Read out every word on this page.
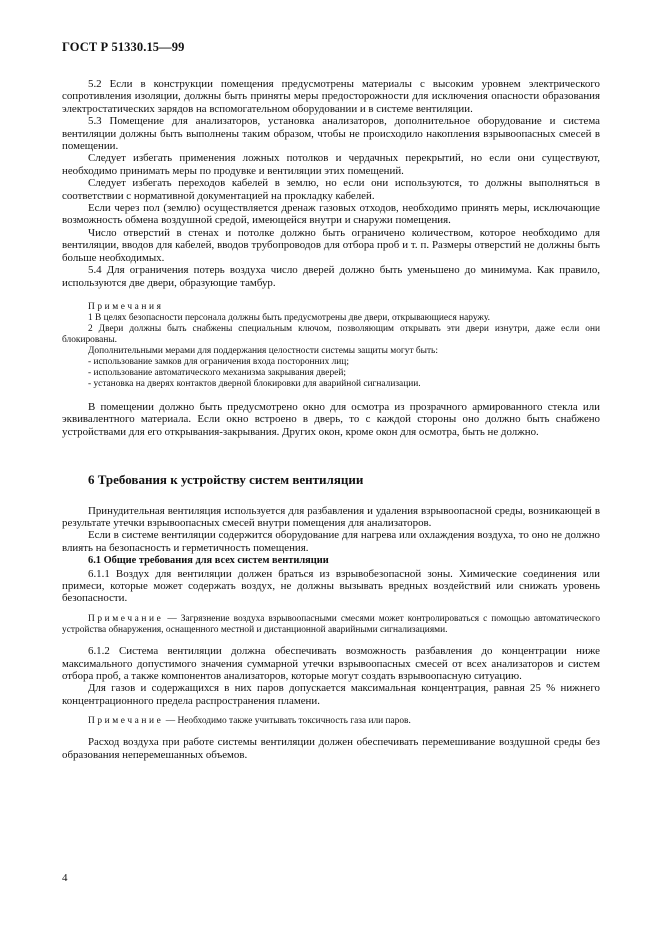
ГОСТ Р 51330.15—99

5.2 Если в конструкции помещения предусмотрены материалы с высоким уровнем электрического сопротивления изоляции, должны быть приняты меры предосторожности для исключения опасности образования электростатических зарядов на вспомогательном оборудовании и в системе вентиляции.

5.3 Помещение для анализаторов, установка анализаторов, дополнительное оборудование и система вентиляции должны быть выполнены таким образом, чтобы не происходило накопления взрывоопасных смесей в помещении.

Следует избегать применения ложных потолков и чердачных перекрытий, но если они существуют, необходимо принимать меры по продувке и вентиляции этих помещений.

Следует избегать переходов кабелей в землю, но если они используются, то должны выполняться в соответствии с нормативной документацией на прокладку кабелей.

Если через пол (землю) осуществляется дренаж газовых отходов, необходимо принять меры, исключающие возможность обмена воздушной средой, имеющейся внутри и снаружи помещения.

Число отверстий в стенах и потолке должно быть ограничено количеством, которое необходимо для вентиляции, вводов для кабелей, вводов трубопроводов для отбора проб и т. п. Размеры отверстий не должны быть больше необходимых.

5.4 Для ограничения потерь воздуха число дверей должно быть уменьшено до минимума. Как правило, используются две двери, образующие тамбур.

Примечания

1 В целях безопасности персонала должны быть предусмотрены две двери, открывающиеся наружу.

2 Двери должны быть снабжены специальным ключом, позволяющим открывать эти двери изнутри, даже если они блокированы.

Дополнительными мерами для поддержания целостности системы защиты могут быть:

- использование замков для ограничения входа посторонних лиц;
- использование автоматического механизма закрывания дверей;
- установка на дверях контактов дверной блокировки для аварийной сигнализации.

В помещении должно быть предусмотрено окно для осмотра из прозрачного армированного стекла или эквивалентного материала. Если окно встроено в дверь, то с каждой стороны оно должно быть снабжено устройствами для его открывания-закрывания. Других окон, кроме окон для осмотра, быть не должно.

6 Требования к устройству систем вентиляции

Принудительная вентиляция используется для разбавления и удаления взрывоопасной среды, возникающей в результате утечки взрывоопасных смесей внутри помещения для анализаторов.

Если в системе вентиляции содержится оборудование для нагрева или охлаждения воздуха, то оно не должно влиять на безопасность и герметичность помещения.

6.1 Общие требования для всех систем вентиляции

6.1.1 Воздух для вентиляции должен браться из взрывобезопасной зоны. Химические соединения или примеси, которые может содержать воздух, не должны вызывать вредных воздействий или снижать уровень безопасности.

Примечание — Загрязнение воздуха взрывоопасными смесями может контролироваться с помощью автоматического устройства обнаружения, оснащенного местной и дистанционной аварийными сигнализациями.

6.1.2 Система вентиляции должна обеспечивать возможность разбавления до концентрации ниже максимального допустимого значения суммарной утечки взрывоопасных смесей от всех анализаторов и систем отбора проб, а также компонентов анализаторов, которые могут создать взрывоопасную ситуацию.

Для газов и содержащихся в них паров допускается максимальная концентрация, равная 25 % нижнего концентрационного предела распространения пламени.

Примечание — Необходимо также учитывать токсичность газа или паров.

Расход воздуха при работе системы вентиляции должен обеспечивать перемешивание воздушной среды без образования неперемешанных объемов.

4
